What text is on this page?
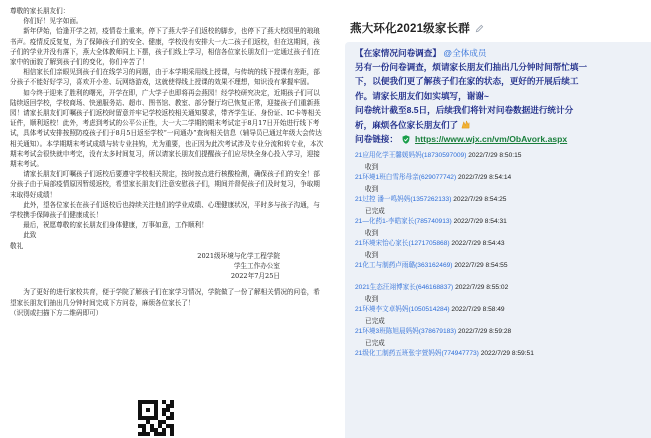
尊敬的家长朋友们：

你们好！见字如面。

新年伊始，恰逢开学之初，疫情卷土重来，停下了燕大学子们返校的脚步，也停下了燕大校园里的琅琅书声。疫情反反复复，为了保障孩子们的安全、健康，学校没有安排大一大二孩子们返校，但在这期间，孩子们的学业并没有落下，燕大全体教师同上下摆，孩子们线上学习，相信各位家长朋友们一定通过孩子们在家中的面貌了解到孩子们的变化，你们辛苦了！

相信家长们亲眼见到孩子们在线学习的问题，由于本学期采用线上授课，与传统的线下授课有差距，部分孩子不能好好学习，喜欢开小差、玩网络游戏，这就使得线上授课的效果不理想，知识没有掌握牢固。

如今终于迎来了胜利的曙光，开学在即，广大学子也即将再会燕园！经学校研究决定，近期孩子们可以陆续返回学校，学校商场、快递服务站、超市、图书馆、教室、部分餐厅均已恢复正常，迎接孩子们重新燕园！请家长朋友们叮嘱孩子们返校时留意并牢记学校返校相关通知要求，带齐学生证、身份证、IC卡等相关证件，顺利返校！此外，考虑到考试的公平公正性，大一大二学期的期末考试定于8月17日开始进行线下考试，具体考试安排按照防疫孩子们于8月5日返至学校“一问通办”查询相关信息（辅导员已通过年级大会传达相关通知）。本学期期末考试成绩与转专业挂钩，尤为重要，也正因为此次考试涉及专业分流和转专业，本次期末考试会很快就申考完，没有太多时间复习，所以请家长朋友们提醒孩子们应尽快全身心投入学习，迎接期末考试。

请家长朋友们叮嘱孩子们返校后要遵守学校相关规定，按时按点进行核酸检测，确保孩子们的安全！部分孩子由于局部疫情原因暂缓返校，希望家长朋友们注意安慰孩子们，期间并督促孩子们及时复习，争取期末取得好成绩！

此外，望各位家长在孩子们返校后也持续关注他们的学业成绩、心理健康状况，平时多与孩子沟通，与学校携手保障孩子们健康成长！

最后，祝愿尊敬的家长朋友们身体健康，万事如意，工作顺利！

此致

敬礼

2021级环境与化学工程学院

学生工作办公室

2022年7月25日

为了更好的进行家校共育，便于学院了解孩子们在家学习情况，学院做了一份了解相关情况的问卷，希望家长朋友们抽出几分钟时间完成下方问卷，麻烦各位家长了！

（识别或扫描下方二维码即可）

燕大环化2021级家长群
【在家情况问卷调查】 @全体成员
另有一份问卷调查，烦请家长朋友们抽出几分钟时间帮忙填一
下，以便我们更了解孩子们在家的状态，更好的开展后续工
作。请家长朋友们如实填写，谢谢~
问卷统计截至8.5日，后续我们将针对问卷数据进行统计分
析，麻烦各位家长朋友们了
问卷链接： https://www.wjx.cn/vm/ObAvork.aspx
21应用化学王馨媛妈妈(18730597009) 2022/7/29 8:50:15
收到
21环境1班白雪彤母亲(629077742) 2022/7/29 8:54:14
收到
21过控 潘一鸣妈妈(1357262133) 2022/7/29 8:54:25
已完成
21—化药1-李皓家长(785740913) 2022/7/29 8:54:31
收到
21环境宋怡心家长(1271705868) 2022/7/29 8:54:43
收到
21化工与制药卢雨璐(363162469) 2022/7/29 8:54:55
2021生态汪翊博家长(646168837) 2022/7/29 8:55:02
收到
21环境李文卓妈妈(1050514284) 2022/7/29 8:58:49
已完成
21环境3班陈旭晨妈妈(378679183) 2022/7/29 8:59:28
已完成
21级化工制药五班张宇萱妈妈(774947773) 2022/7/29 8:59:51
